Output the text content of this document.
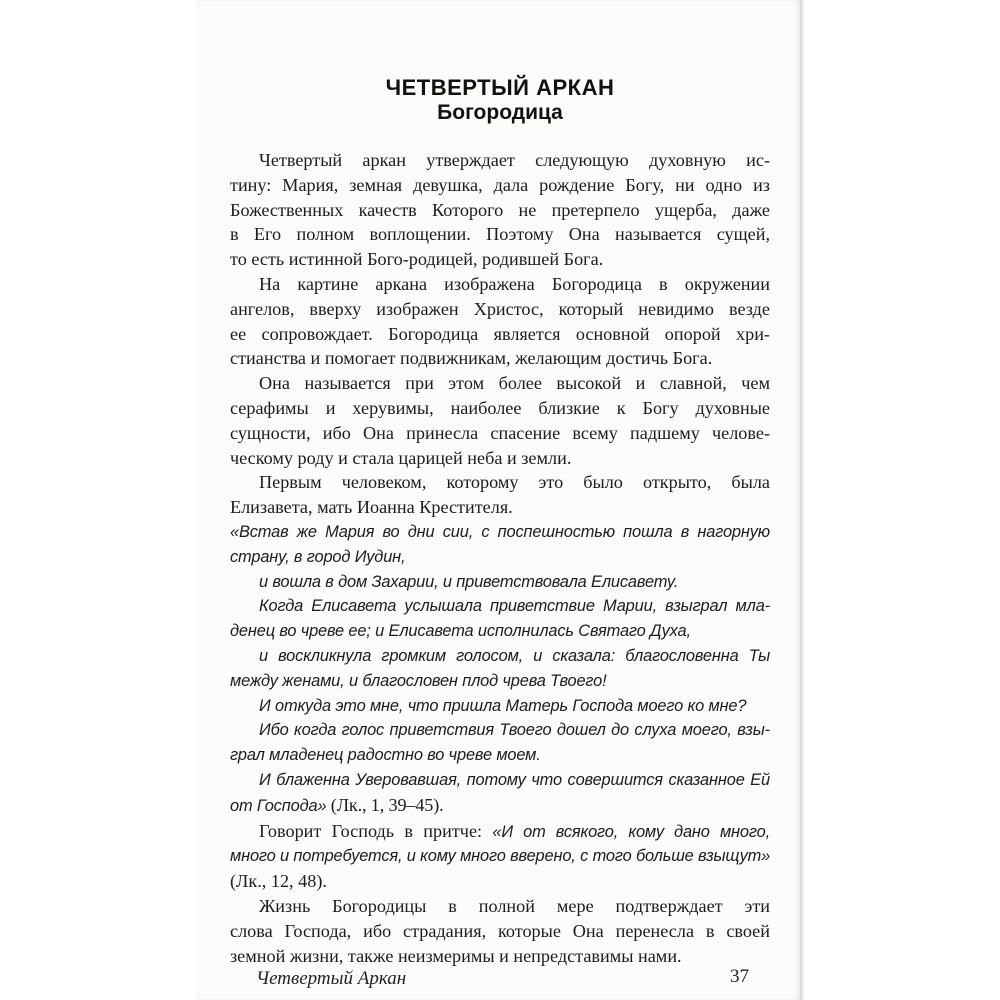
ЧЕТВЕРТЫЙ АРКАН
Богородица
Четвертый аркан утверждает следующую духовную ис-
тину: Мария, земная девушка, дала рождение Богу, ни одно из
Божественных качеств Которого не претерпело ущерба, даже
в Его полном воплощении. Поэтому Она называется сущей,
то есть истинной Бого-родицей, родившей Бога.
На картине аркана изображена Богородица в окружении
ангелов, вверху изображен Христос, который невидимо везде
ее сопровождает. Богородица является основной опорой хри-
стианства и помогает подвижникам, желающим достичь Бога.
Она называется при этом более высокой и славной, чем
серафимы и херувимы, наиболее близкие к Богу духовные
сущности, ибо Она принесла спасение всему падшему челове-
ческому роду и стала царицей неба и земли.
Первым человеком, которому это было открыто, была
Елизавета, мать Иоанна Крестителя.
«Встав же Мария во дни сии, с поспешностью пошла в нагорную
страну, в город Иудин,
и вошла в дом Захарии, и приветствовала Елисавету.
Когда Елисавета услышала приветствие Марии, взыграл мла-
денец во чреве ее; и Елисавета исполнилась Святаго Духа,
и воскликнула громким голосом, и сказала: благословенна Ты
между женами, и благословен плод чрева Твоего!
И откуда это мне, что пришла Матерь Господа моего ко мне?
Ибо когда голос приветствия Твоего дошел до слуха моего, взы-
грал младенец радостно во чреве моем.
И блаженна Уверовавшая, потому что совершится сказанное Ей
от Господа» (Лк., 1, 39–45).
Говорит Господь в притче: «И от всякого, кому дано много,
много и потребуется, и кому много вверено, с того больше взыщут»
(Лк., 12, 48).
Жизнь Богородицы в полной мере подтверждает эти
слова Господа, ибо страдания, которые Она перенесла в своей
земной жизни, также неизмеримы и непредставимы нами.
Четвертый Аркан	37
